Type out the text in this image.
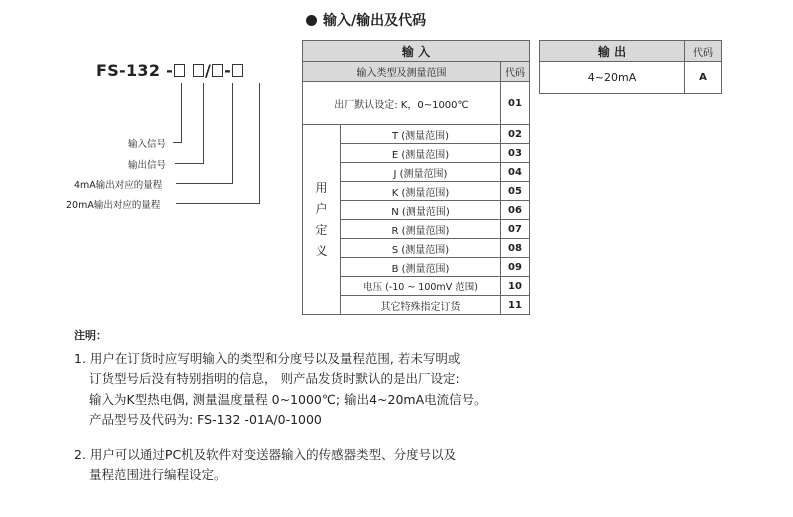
输入/输出及代码
FS-132 - / -
输入信号
输出信号
4mA输出对应的量程
20mA输出对应的量程
输 入		
输入类型及测量范围		代码
出厂默认设定: K，0~1000℃		01

用
户
定
义	T (测量范围)	02
	E (测量范围)	03
	J (测量范围)	04
	K (测量范围)	05
	N (测量范围)	06
	R (测量范围)	07
	S (测量范围)	08
	B (测量范围)	09
	电压 (-10 ~ 100mV 范围)	10
	其它特殊指定订货	11
输 出	代码
4~20mA	A
注明：

1. 用户在订货时应写明输入的类型和分度号以及量程范围, 若未写明或

订货型号后没有特别指明的信息， 则产品发货时默认的是出厂设定:

输入为K型热电偶, 测量温度量程 0~1000℃; 输出4~20mA电流信号。

产品型号及代码为: FS-132 -01A/0-1000

2. 用户可以通过PC机及软件对变送器输入的传感器类型、分度号以及

量程范围进行编程设定。
